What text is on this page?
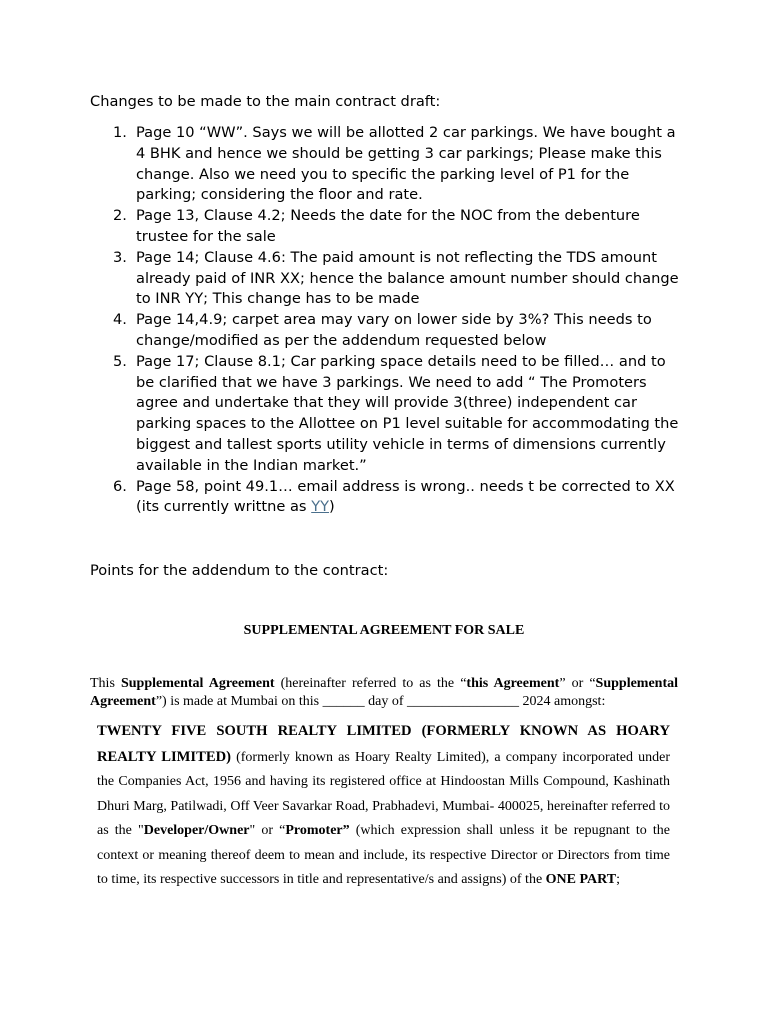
Changes to be made to the main contract draft:
1. Page 10 “WW”. Says we will be allotted 2 car parkings. We have bought a 4 BHK and hence we should be getting 3 car parkings; Please make this change. Also we need you to specific the parking level of P1 for the parking; considering the floor and rate.
2. Page 13, Clause 4.2; Needs the date for the NOC from the debenture trustee for the sale
3. Page 14; Clause 4.6: The paid amount is not reflecting the TDS amount already paid of INR XX; hence the balance amount number should change to INR YY; This change has to be made
4. Page 14,4.9; carpet area may vary on lower side by 3%? This needs to change/modified as per the addendum requested below
5. Page 17; Clause 8.1; Car parking space details need to be filled… and to be clarified that we have 3 parkings. We need to add “ The Promoters agree and undertake that they will provide 3(three) independent car parking spaces to the Allottee on P1 level suitable for accommodating the biggest and tallest sports utility vehicle in terms of dimensions currently available in the Indian market.”
6. Page 58, point 49.1… email address is wrong.. needs t be corrected to XX (its currently writtne as YY)
Points for the addendum to the contract:
SUPPLEMENTAL AGREEMENT FOR SALE
This Supplemental Agreement (hereinafter referred to as the “this Agreement” or “Supplemental Agreement”) is made at Mumbai on this ______ day of ________________ 2024 amongst:
TWENTY FIVE SOUTH REALTY LIMITED (FORMERLY KNOWN AS HOARY REALTY LIMITED) (formerly known as Hoary Realty Limited), a company incorporated under the Companies Act, 1956 and having its registered office at Hindoostan Mills Compound, Kashinath Dhuri Marg, Patilwadi, Off Veer Savarkar Road, Prabhadevi, Mumbai- 400025, hereinafter referred to as the "Developer/Owner" or “Promoter” (which expression shall unless it be repugnant to the context or meaning thereof deem to mean and include, its respective Director or Directors from time to time, its respective successors in title and representative/s and assigns) of the ONE PART;
